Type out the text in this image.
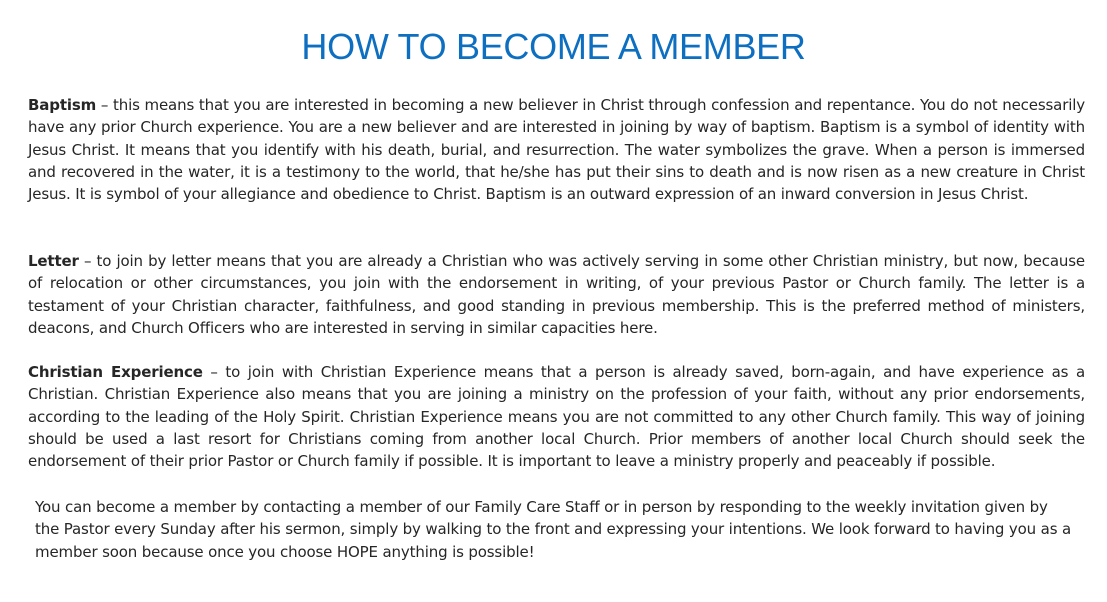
HOW TO BECOME A MEMBER

Baptism – this means that you are interested in becoming a new believer in Christ through confession and repentance. You do not necessarily have any prior Church experience. You are a new believer and are interested in joining by way of baptism. Baptism is a symbol of identity with Jesus Christ. It means that you identify with his death, burial, and resurrection. The water symbolizes the grave. When a person is immersed and recovered in the water, it is a testimony to the world, that he/she has put their sins to death and is now risen as a new creature in Christ Jesus. It is symbol of your allegiance and obedience to Christ. Baptism is an outward expression of an inward conversion in Jesus Christ.

Letter – to join by letter means that you are already a Christian who was actively serving in some other Christian ministry, but now, because of relocation or other circumstances, you join with the endorsement in writing, of your previous Pastor or Church family. The letter is a testament of your Christian character, faithfulness, and good standing in previous membership. This is the preferred method of ministers, deacons, and Church Officers who are interested in serving in similar capacities here.

Christian Experience – to join with Christian Experience means that a person is already saved, born-again, and have experience as a Christian. Christian Experience also means that you are joining a ministry on the profession of your faith, without any prior endorsements, according to the leading of the Holy Spirit. Christian Experience means you are not committed to any other Church family. This way of joining should be used a last resort for Christians coming from another local Church. Prior members of another local Church should seek the endorsement of their prior Pastor or Church family if possible. It is important to leave a ministry properly and peaceably if possible.

You can become a member by contacting a member of our Family Care Staff or in person by responding to the weekly invitation given by the Pastor every Sunday after his sermon, simply by walking to the front and expressing your intentions. We look forward to having you as a member soon because once you choose HOPE anything is possible!
